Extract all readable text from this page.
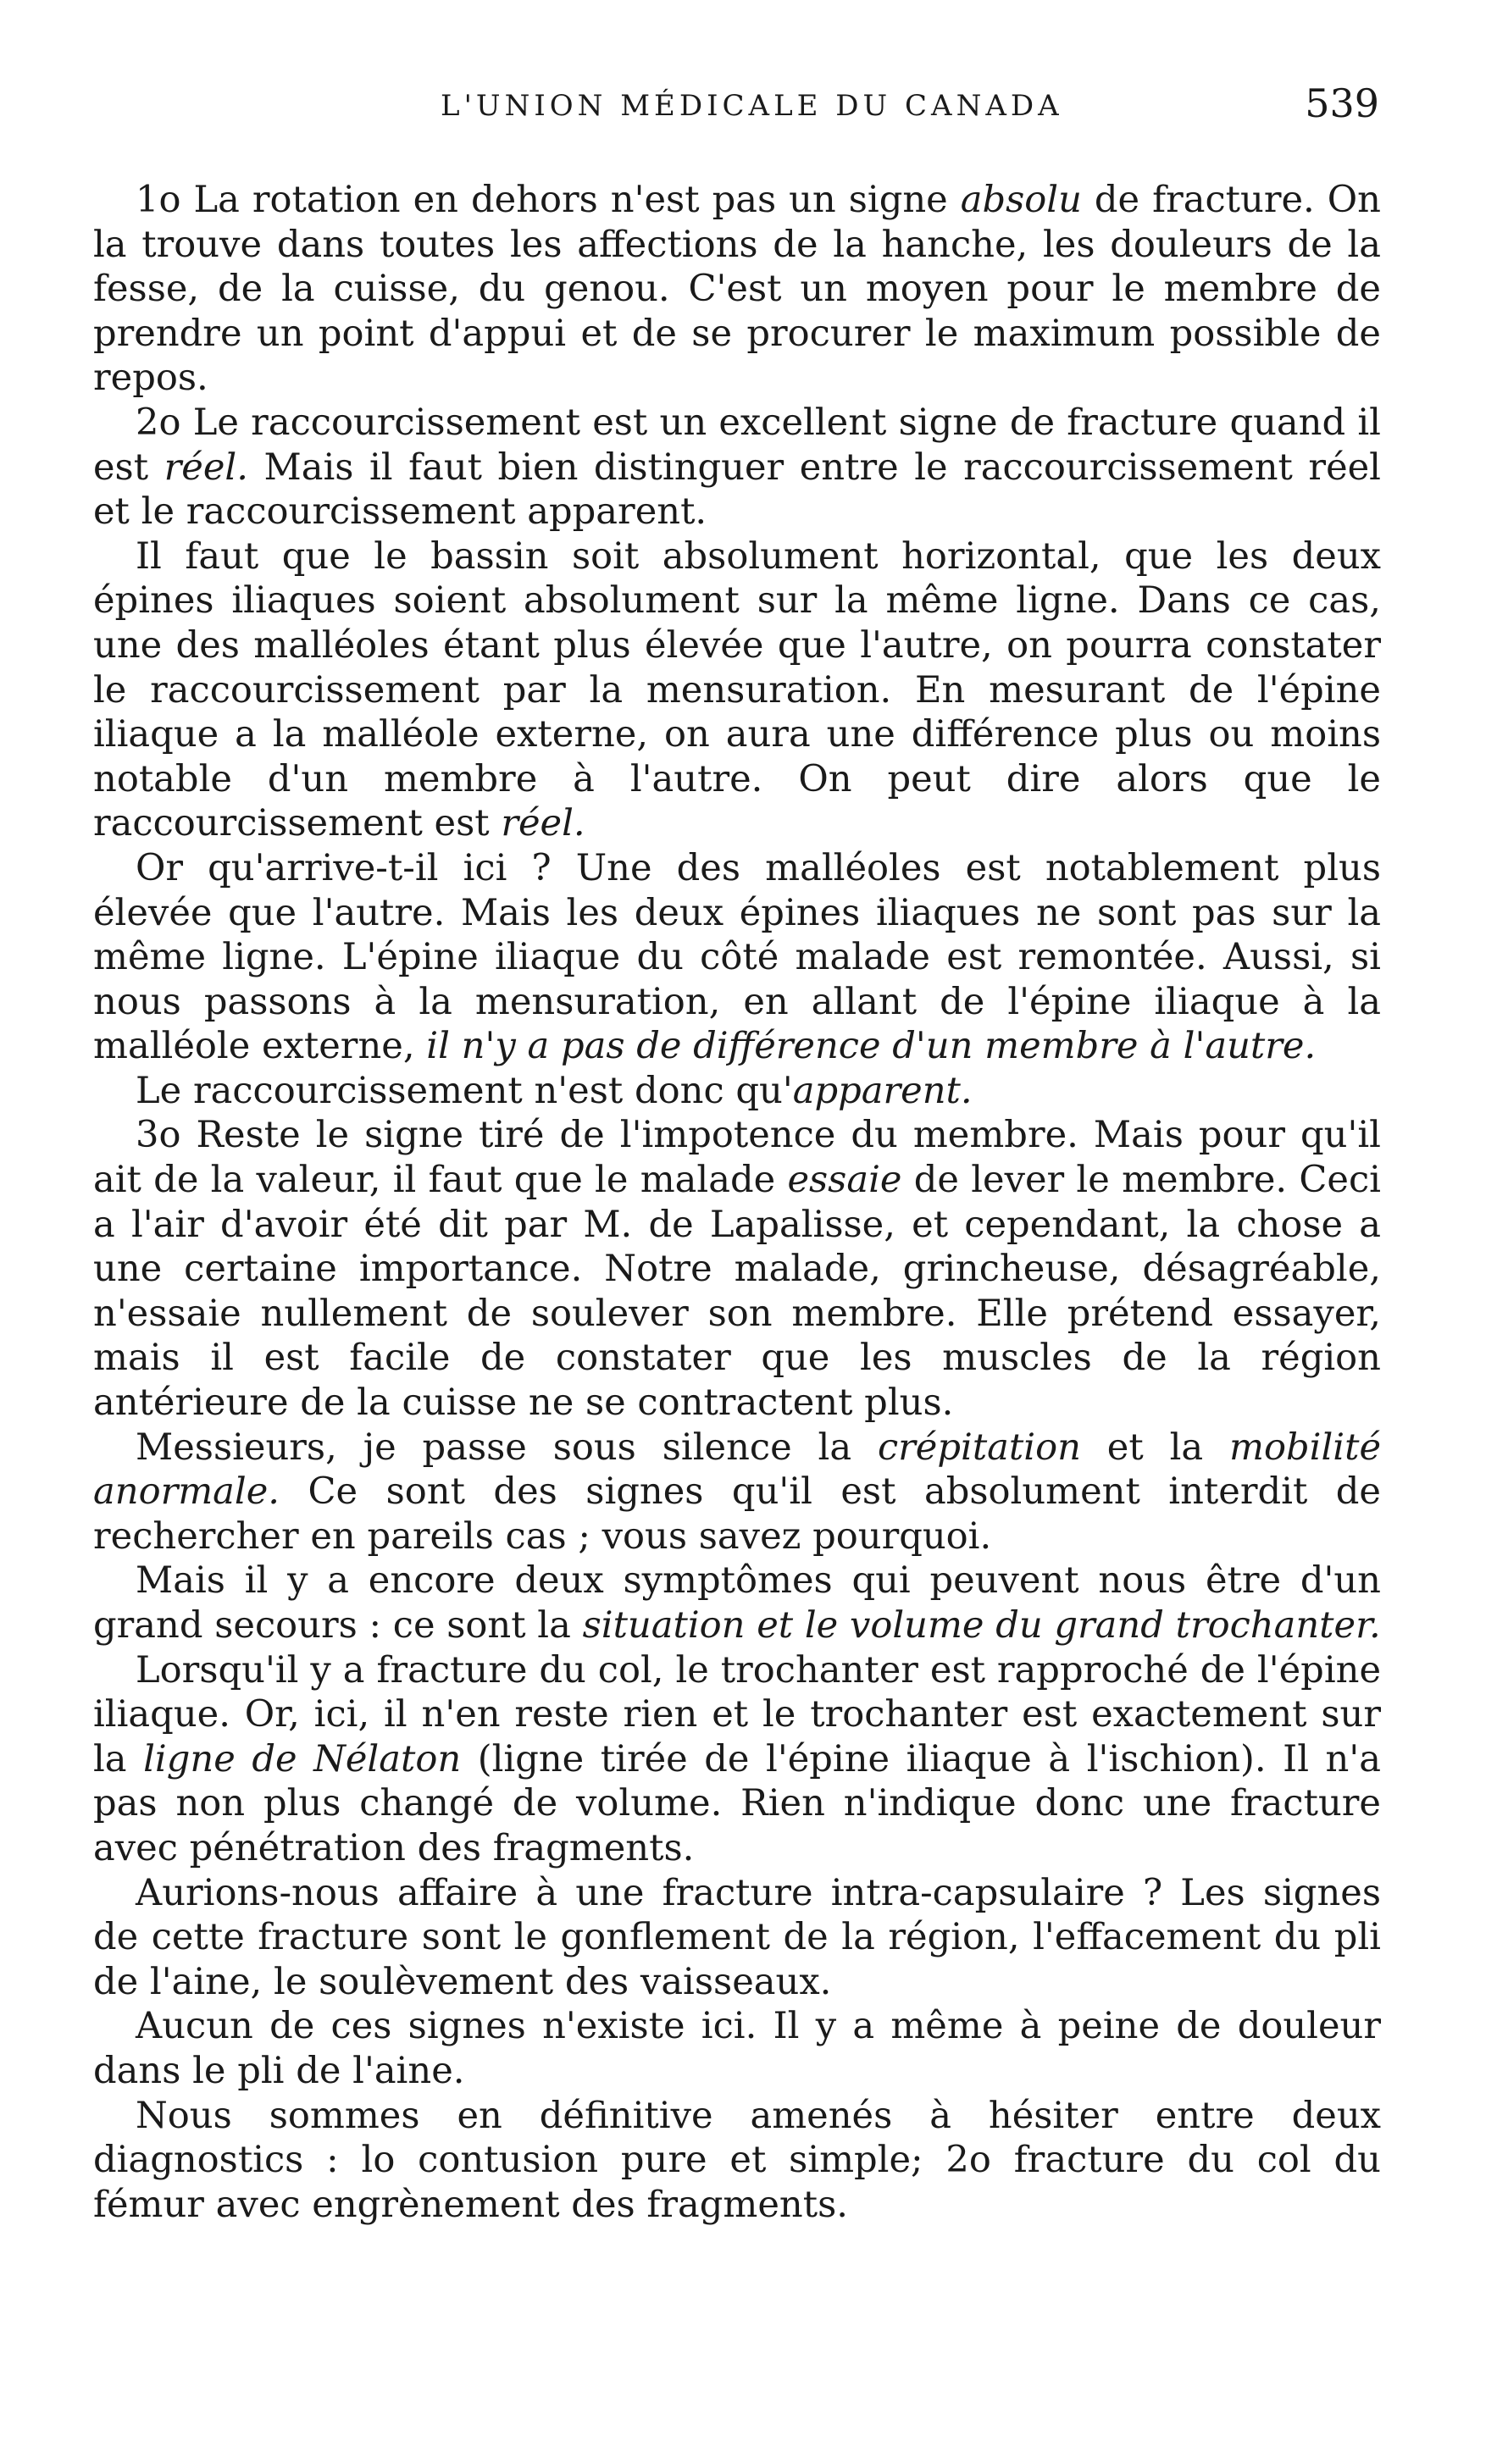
L'UNION MÉDICALE DU CANADA	539

1o La rotation en dehors n'est pas un signe absolu de fracture. On la trouve dans toutes les affections de la hanche, les douleurs de la fesse, de la cuisse, du genou. C'est un moyen pour le membre de prendre un point d'appui et de se procurer le maximum possible de repos.

2o Le raccourcissement est un excellent signe de fracture quand il est réel. Mais il faut bien distinguer entre le raccourcissement réel et le raccourcissement apparent.

Il faut que le bassin soit absolument horizontal, que les deux épines iliaques soient absolument sur la même ligne. Dans ce cas, une des malléoles étant plus élevée que l'autre, on pourra constater le raccourcissement par la mensuration. En mesurant de l'épine iliaque a la malléole externe, on aura une différence plus ou moins notable d'un membre à l'autre. On peut dire alors que le raccourcissement est réel.

Or qu'arrive-t-il ici ? Une des malléoles est notablement plus élevée que l'autre. Mais les deux épines iliaques ne sont pas sur la même ligne. L'épine iliaque du côté malade est remontée. Aussi, si nous passons à la mensuration, en allant de l'épine iliaque à la malléole externe, il n'y a pas de différence d'un membre à l'autre.

Le raccourcissement n'est donc qu'apparent.

3o Reste le signe tiré de l'impotence du membre. Mais pour qu'il ait de la valeur, il faut que le malade essaie de lever le membre. Ceci a l'air d'avoir été dit par M. de Lapalisse, et cependant, la chose a une certaine importance. Notre malade, grincheuse, désagréable, n'essaie nullement de soulever son membre. Elle prétend essayer, mais il est facile de constater que les muscles de la région antérieure de la cuisse ne se contractent plus.

Messieurs, je passe sous silence la crépitation et la mobilité anormale. Ce sont des signes qu'il est absolument interdit de rechercher en pareils cas ; vous savez pourquoi.

Mais il y a encore deux symptômes qui peuvent nous être d'un grand secours : ce sont la situation et le volume du grand trochanter.

Lorsqu'il y a fracture du col, le trochanter est rapproché de l'épine iliaque. Or, ici, il n'en reste rien et le trochanter est exactement sur la ligne de Nélaton (ligne tirée de l'épine iliaque à l'ischion). Il n'a pas non plus changé de volume. Rien n'indique donc une fracture avec pénétration des fragments.

Aurions-nous affaire à une fracture intra-capsulaire ? Les signes de cette fracture sont le gonflement de la région, l'effacement du pli de l'aine, le soulèvement des vaisseaux.

Aucun de ces signes n'existe ici. Il y a même à peine de douleur dans le pli de l'aine.

Nous sommes en définitive amenés à hésiter entre deux diagnostics : lo contusion pure et simple; 2o fracture du col du fémur avec engrènement des fragments.
